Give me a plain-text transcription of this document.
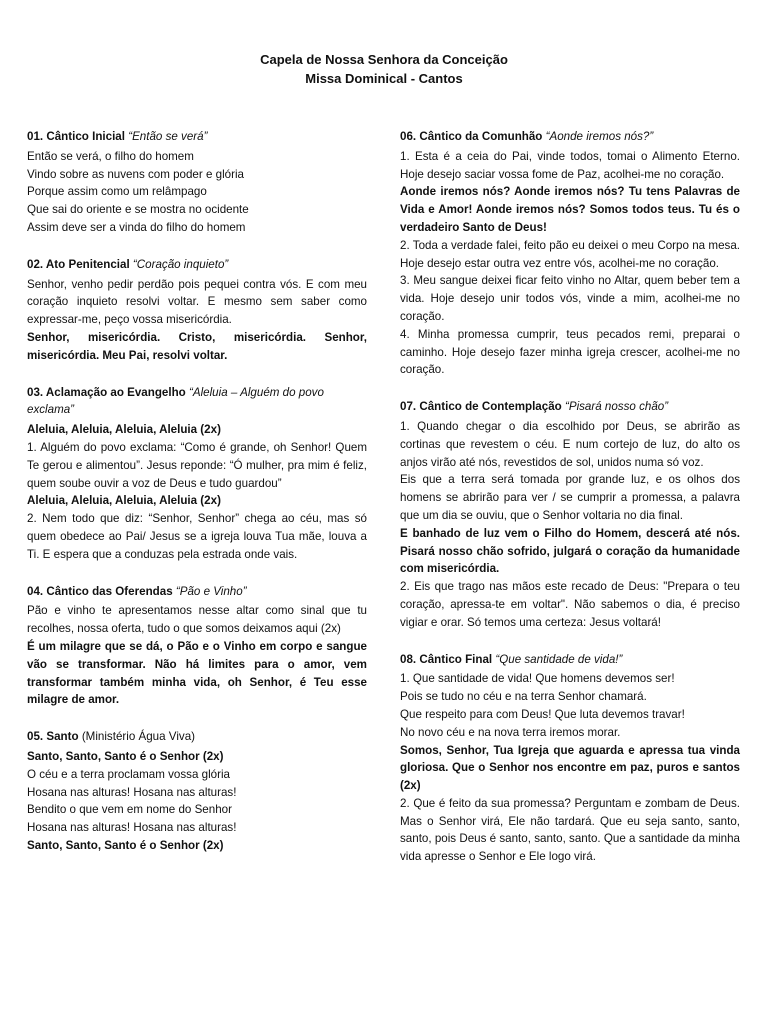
Capela de Nossa Senhora da Conceição
Missa Dominical - Cantos
01. Cântico Inicial “Então se verá”
Então se verá, o filho do homem
Vindo sobre as nuvens com poder e glória
Porque assim como um relâmpago
Que sai do oriente e se mostra no ocidente
Assim deve ser a vinda do filho do homem
02. Ato Penitencial “Coração inquieto”
Senhor, venho pedir perdão pois pequei contra vós. E com meu coração inquieto resolvi voltar. E mesmo sem saber como expressar-me, peço vossa misericórdia.
Senhor, misericórdia. Cristo, misericórdia. Senhor, misericórdia. Meu Pai, resolvi voltar.
03. Aclamação ao Evangelho “Aleluia – Alguém do povo exclama”
Aleluia, Aleluia, Aleluia, Aleluia (2x)
1. Alguém do povo exclama: “Como é grande, oh Senhor! Quem Te gerou e alimentou”. Jesus reponde: “Ó mulher, pra mim é feliz, quem soube ouvir a voz de Deus e tudo guardou”
Aleluia, Aleluia, Aleluia, Aleluia (2x)
2. Nem todo que diz: “Senhor, Senhor” chega ao céu, mas só quem obedece ao Pai/ Jesus se a igreja louva Tua mãe, louva a Ti. E espera que a conduzas pela estrada onde vais.
04. Cântico das Oferendas “Pão e Vinho”
Pão e vinho te apresentamos nesse altar como sinal que tu recolhes, nossa oferta, tudo o que somos deixamos aqui (2x)
É um milagre que se dá, o Pão e o Vinho em corpo e sangue vão se transformar. Não há limites para o amor, vem transformar também minha vida, oh Senhor, é Teu esse milagre de amor.
05. Santo (Ministério Água Viva)
Santo, Santo, Santo é o Senhor (2x)
O céu e a terra proclamam vossa glória
Hosana nas alturas! Hosana nas alturas!
Bendito o que vem em nome do Senhor
Hosana nas alturas! Hosana nas alturas!
Santo, Santo, Santo é o Senhor (2x)
06. Cântico da Comunhão “Aonde iremos nós?”
1. Esta é a ceia do Pai, vinde todos, tomai o Alimento Eterno. Hoje desejo saciar vossa fome de Paz, acolhei-me no coração.
Aonde iremos nós? Aonde iremos nós? Tu tens Palavras de Vida e Amor! Aonde iremos nós? Somos todos teus. Tu és o verdadeiro Santo de Deus!
2. Toda a verdade falei, feito pão eu deixei o meu Corpo na mesa. Hoje desejo estar outra vez entre vós, acolhei-me no coração.
3. Meu sangue deixei ficar feito vinho no Altar, quem beber tem a vida. Hoje desejo unir todos vós, vinde a mim, acolhei-me no coração.
4. Minha promessa cumprir, teus pecados remi, preparai o caminho. Hoje desejo fazer minha igreja crescer, acolhei-me no coração.
07. Cântico de Contemplação “Pisará nosso chão”
1. Quando chegar o dia escolhido por Deus, se abrirão as cortinas que revestem o céu. E num cortejo de luz, do alto os anjos virão até nós, revestidos de sol, unidos numa só voz.
Eis que a terra será tomada por grande luz, e os olhos dos homens se abrirão para ver / se cumprir a promessa, a palavra que um dia se ouviu, que o Senhor voltaria no dia final.
E banhado de luz vem o Filho do Homem, descerá até nós. Pisará nosso chão sofrido, julgará o coração da humanidade com misericórdia.
2. Eis que trago nas mãos este recado de Deus: "Prepara o teu coração, apressa-te em voltar". Não sabemos o dia, é preciso vigiar e orar. Só temos uma certeza: Jesus voltará!
08. Cântico Final “Que santidade de vida!”
1. Que santidade de vida! Que homens devemos ser!
Pois se tudo no céu e na terra Senhor chamará.
Que respeito para com Deus! Que luta devemos travar!
No novo céu e na nova terra iremos morar.
Somos, Senhor, Tua Igreja que aguarda e apressa tua vinda gloriosa. Que o Senhor nos encontre em paz, puros e santos (2x)
2. Que é feito da sua promessa? Perguntam e zombam de Deus. Mas o Senhor virá, Ele não tardará. Que eu seja santo, santo, santo, pois Deus é santo, santo, santo. Que a santidade da minha vida apresse o Senhor e Ele logo virá.
